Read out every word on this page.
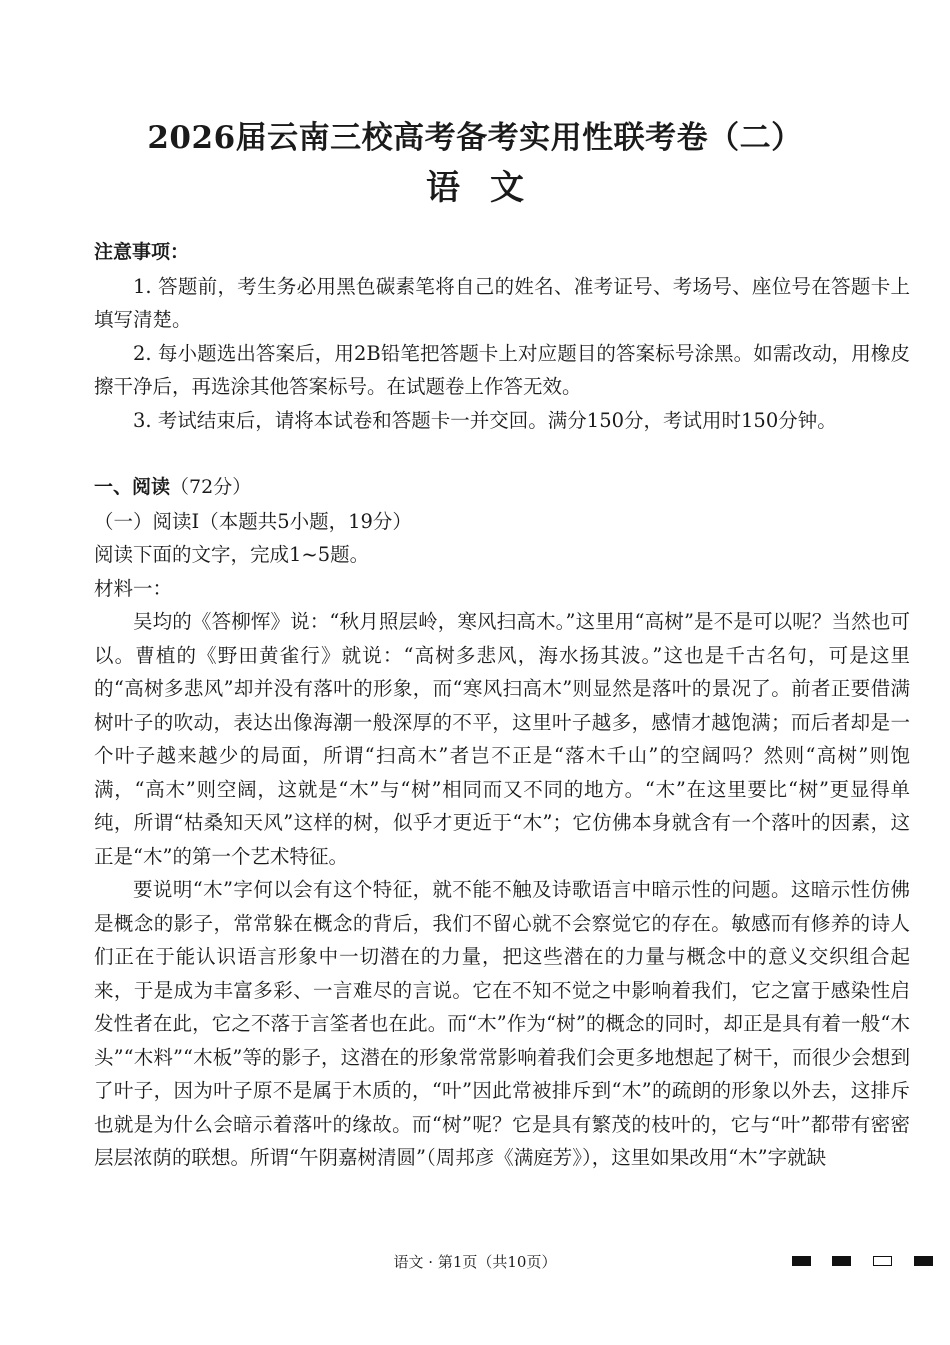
2026届云南三校高考备考实用性联考卷（二）
语文
注意事项：

1. 答题前，考生务必用黑色碳素笔将自己的姓名、准考证号、考场号、座位号在答题卡上填写清楚。

2. 每小题选出答案后，用2B铅笔把答题卡上对应题目的答案标号涂黑。如需改动，用橡皮擦干净后，再选涂其他答案标号。在试题卷上作答无效。

3. 考试结束后，请将本试卷和答题卡一并交回。满分150分，考试用时150分钟。

一、阅读（72分）

（一）阅读Ⅰ（本题共5小题，19分）

阅读下面的文字，完成1~5题。

材料一：

吴均的《答柳恽》说：“秋月照层岭，寒风扫高木。”这里用“高树”是不是可以呢？当然也可以。曹植的《野田黄雀行》就说：“高树多悲风，海水扬其波。”这也是千古名句，可是这里的“高树多悲风”却并没有落叶的形象，而“寒风扫高木”则显然是落叶的景况了。前者正要借满树叶子的吹动，表达出像海潮一般深厚的不平，这里叶子越多，感情才越饱满；而后者却是一个叶子越来越少的局面，所谓“扫高木”者岂不正是“落木千山”的空阔吗？然则“高树”则饱满，“高木”则空阔，这就是“木”与“树”相同而又不同的地方。“木”在这里要比“树”更显得单纯，所谓“枯桑知天风”这样的树，似乎才更近于“木”；它仿佛本身就含有一个落叶的因素，这正是“木”的第一个艺术特征。

要说明“木”字何以会有这个特征，就不能不触及诗歌语言中暗示性的问题。这暗示性仿佛是概念的影子，常常躲在概念的背后，我们不留心就不会察觉它的存在。敏感而有修养的诗人们正在于能认识语言形象中一切潜在的力量，把这些潜在的力量与概念中的意义交织组合起来，于是成为丰富多彩、一言难尽的言说。它在不知不觉之中影响着我们，它之富于感染性启发性者在此，它之不落于言筌者也在此。而“木”作为“树”的概念的同时，却正是具有着一般“木头”“木料”“木板”等的影子，这潜在的形象常常影响着我们会更多地想起了树干，而很少会想到了叶子，因为叶子原不是属于木质的，“叶”因此常被排斥到“木”的疏朗的形象以外去，这排斥也就是为什么会暗示着落叶的缘故。而“树”呢？它是具有繁茂的枝叶的，它与“叶”都带有密密层层浓荫的联想。所谓“午阴嘉树清圆”（周邦彦《满庭芳》），这里如果改用“木”字就缺

语文 · 第1页（共10页）
